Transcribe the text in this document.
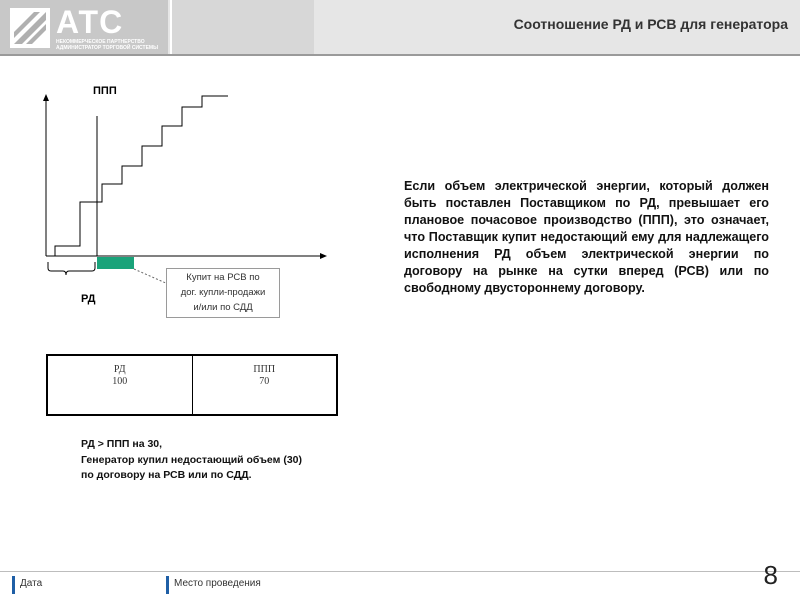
АТС
НЕКОММЕРЧЕСКОЕ ПАРТНЕРСТВО
АДМИНИСТРАТОР ТОРГОВОЙ СИСТЕМЫ
Соотношение РД и РСВ для генератора
ППП
РД
Купит на РСВ по
дог. купли-продажи
и/или по СДД
Если объем электрической энергии, который должен быть поставлен Поставщиком по РД, превышает его плановое почасовое производство (ППП), это означает, что Поставщик купит недостающий ему для надлежащего исполнения РД объем электрической энергии по договору на рынке на сутки вперед (РСВ) или по свободному двустороннему договору.
РД
100
ППП
70
РД > ППП на 30,
Генератор купил недостающий объем (30)
по договору на РСВ или по СДД.
Дата	Место проведения	8
